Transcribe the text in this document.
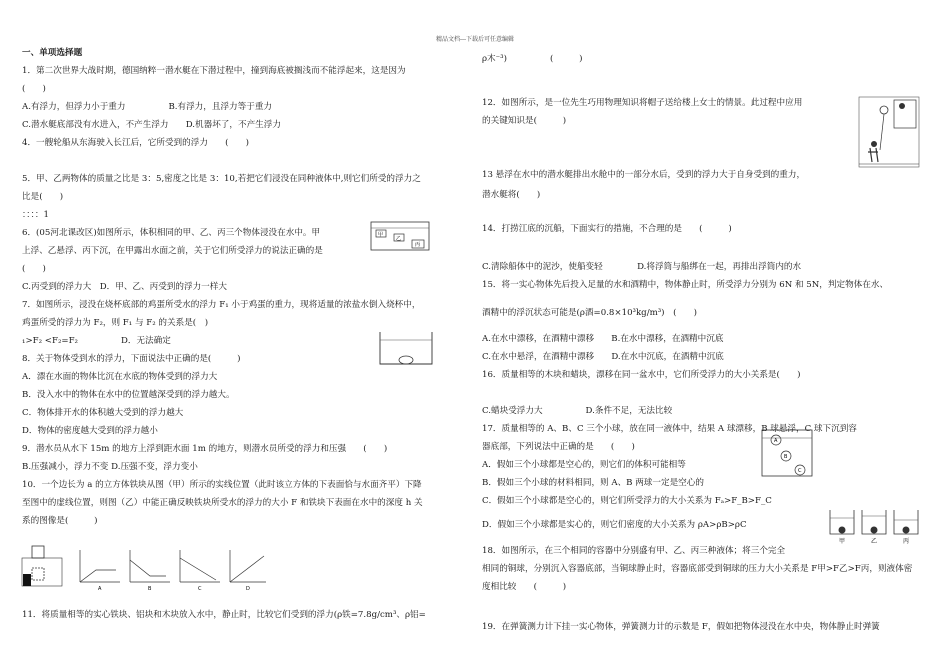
精品文档---下载后可任意编辑
一、单项选择题
1．第二次世界大战时期，德国纳粹一潜水艇在下潜过程中，撞到海底被搁浅而不能浮起来，这是因为
(　　)
A.有浮力，但浮力小于重力　　　　　B.有浮力，且浮力等于重力
C.潜水艇底部没有水进入，不产生浮力　　D.机器坏了，不产生浮力
4．一艘轮船从东海驶入长江后，它所受到的浮力　　(　　)
5．甲、乙两物体的质量之比是 3：5,密度之比是 3：10,若把它们浸没在同种液体中,则它们所受的浮力之
比是(　　)
：：：：1
6．(05河北课改区)如图所示，体积相同的甲、乙、丙三个物体浸没在水中。甲
上浮、乙悬浮、丙下沉，在甲露出水面之前，关于它们所受浮力的说法正确的是
(　　)
C.丙受到的浮力大　D．甲、乙、丙受到的浮力一样大
7．如图所示，浸没在烧杯底部的鸡蛋所受水的浮力 F₁ 小于鸡蛋的重力，现将适量的浓盐水倒入烧杯中，
鸡蛋所受的浮力为 F₂，则 F₁ 与 F₂ 的关系是(　)
₁>F₂ <F₂=F₂　　　　　D．无法确定
8．关于物体受到水的浮力，下面说法中正确的是(　　　)
A．漂在水面的物体比沉在水底的物体受到的浮力大
B．没入水中的物体在水中的位置越深受到的浮力越大。
C．物体排开水的体积越大受到的浮力越大
D．物体的密度越大受到的浮力越小
9．潜水员从水下 15m 的地方上浮到距水面 1m 的地方，则潜水员所受的浮力和压强　　(　　)
B.压强减小，浮力不变 D.压强不变，浮力变小
10．一个边长为 a 的立方体铁块从图（甲）所示的实线位置（此时该立方体的下表面恰与水面齐平）下降
至图中的虚线位置，则图（乙）中能正确反映铁块所受水的浮力的大小 F 和铁块下表面在水中的深度 h 关
系的图像是(　　　)
11．将质量相等的实心铁块、铝块和木块放入水中，静止时，比较它们受到的浮力(ρ铁=7.8g/cm³、ρ铝=
甲
乙
丙
A	B	C	D
ρ木⁻³)　　　　　(　　　)
12．如图所示，是一位先生巧用物理知识将帽子送给楼上女士的情景。此过程中应用
的关键知识是(　　　)
13 悬浮在水中的潜水艇排出水舱中的一部分水后，受到的浮力大于自身受到的重力，
潜水艇将(　　)
14．打捞江底的沉船，下面实行的措施，不合理的是　　(　　　)
C.清除船体中的泥沙，使船变轻　　　　D.将浮筒与船绑在一起，再排出浮筒内的水
15．将一实心物体先后投入足量的水和酒精中，物体静止时，所受浮力分别为 6N 和 5N，判定物体在水、
酒精中的浮沉状态可能是(ρ酒=0.8×10³kg/m³)　(　　)
A.在水中漂移，在酒精中漂移　　B.在水中漂移，在酒精中沉底
C.在水中悬浮，在酒精中漂移　　D.在水中沉底，在酒精中沉底
16．质量相等的木块和蜡块，漂移在同一盆水中，它们所受浮力的大小关系是(　　)
C.蜡块受浮力大　　　　　D.条件不足，无法比较
17．质量相等的 A、B、C 三个小球，放在同一液体中，结果 A 球漂移，B 球悬浮，C 球下沉到容
器底部，下列说法中正确的是　　(　　)
A．假如三个小球都是空心的，则它们的体积可能相等
B．假如三个小球的材料相同，则 A、B 两球一定是空心的
C．假如三个小球都是空心的，则它们所受浮力的大小关系为 Fₐ>F_B>F_C
D．假如三个小球都是实心的，则它们密度的大小关系为 ρA>ρB>ρC
18．如图所示，在三个相同的容器中分别盛有甲、乙、丙三种液体；将三个完全
相同的铜球，分别沉入容器底部，当铜球静止时，容器底部受到铜球的压力大小关系是 F甲>F乙>F丙，则液体密
度相比较　　(　　　)
19．在弹簧测力计下挂一实心物体，弹簧测力计的示数是 F，假如把物体浸没在水中央，物体静止时弹簧
A
B
C
甲	乙	丙
